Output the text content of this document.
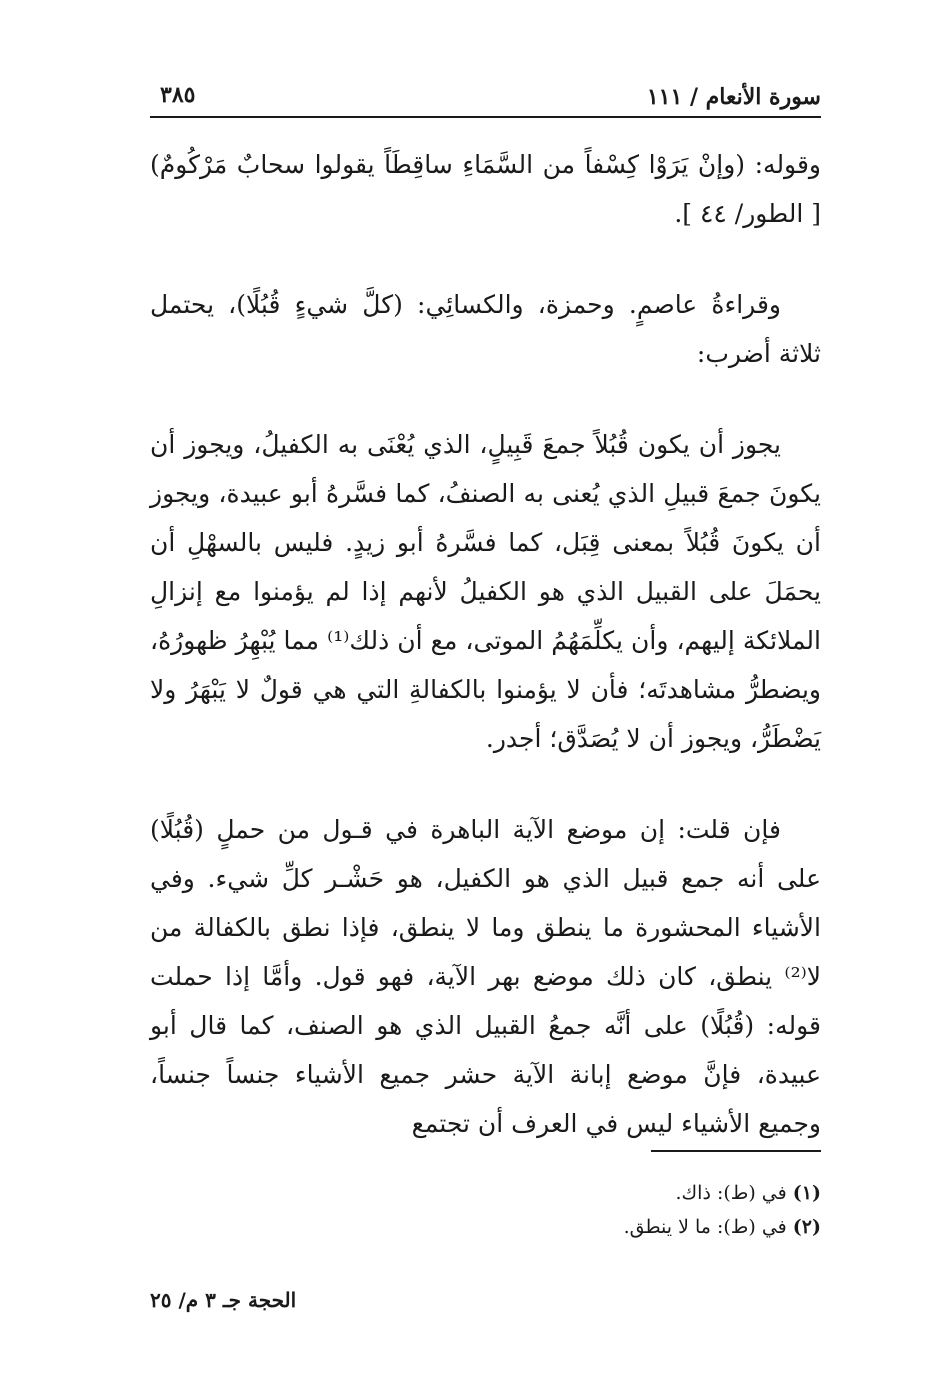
سورة الأنعام / ١١١
٣٨٥

وقوله: (وإنْ يَرَوْا كِسْفاً من السَّمَاءِ ساقِطَاً يقولوا سحابٌ مَرْكُومٌ) [ الطور/ ٤٤ ].

وقراءةُ عاصمٍ. وحمزة، والكسائِي: (كلَّ شيءٍ قُبُلًا)، يحتمل ثلاثة أضرب:

يجوز أن يكون قُبُلاً جمعَ قَبِيلٍ، الذي يُعْنَى به الكفيلُ، ويجوز أن يكونَ جمعَ قبيلِ الذي يُعنى به الصنفُ، كما فسَّرهُ أبو عبيدة، ويجوز أن يكونَ قُبُلاً بمعنى قِبَل، كما فسَّرهُ أبو زيدٍ. فليس بالسهْلِ أن يحمَلَ على القبيل الذي هو الكفيلُ لأنهم إذا لم يؤمنوا مع إنزالِ الملائكة إليهم، وأن يكلِّمَهُمُ الموتى، مع أن ذلك⁽¹⁾ مما يُبْهِرُ ظهورُهُ، ويضطرُّ مشاهدتَه؛ فأن لا يؤمنوا بالكفالةِ التي هي قولٌ لا يَبْهَرُ ولا يَضْطَرُّ، ويجوز أن لا يُصَدَّق؛ أجدر.

فإن قلت: إن موضع الآية الباهرة في قـول من حملٍ (قُبُلًا) على أنه جمع قبيل الذي هو الكفيل، هو حَشْـر كلِّ شيء. وفي الأشياء المحشورة ما ينطق وما لا ينطق، فإذا نطق بالكفالة من لا⁽²⁾ ينطق، كان ذلك موضع بهر الآية، فهو قول. وأمَّا إذا حملت قوله: (قُبُلًا) على أنَّه جمعُ القبيل الذي هو الصنف، كما قال أبو عبيدة، فإنَّ موضع إبانة الآية حشر جميع الأشياء جنساً جنساً، وجميع الأشياء ليس في العرف أن تجتمع

(١) في (ط): ذاك.

(٢) في (ط): ما لا ينطق.

الحجة جـ ٣ م/ ٢٥
